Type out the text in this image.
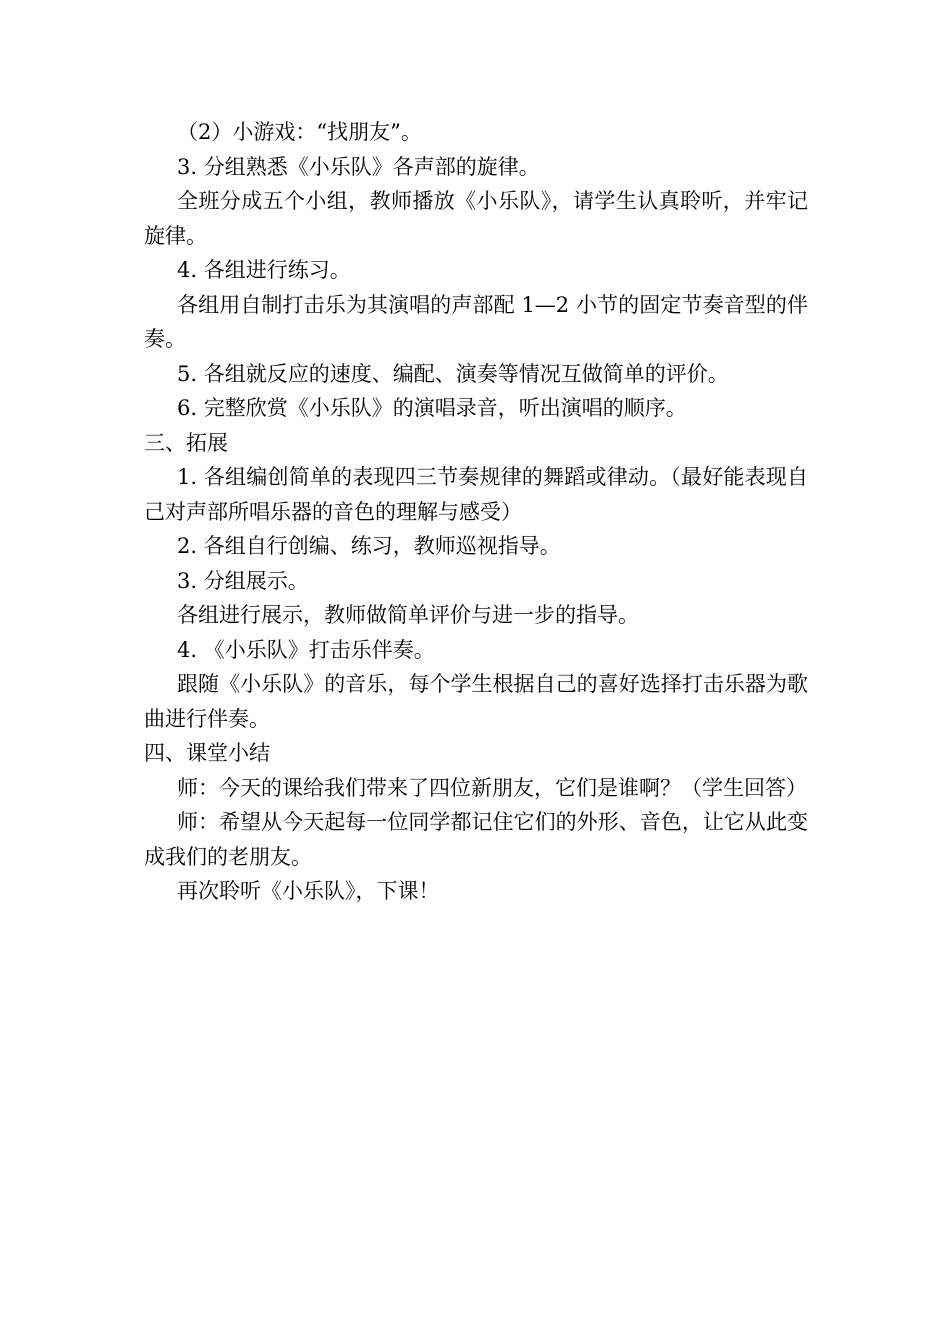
（2）小游戏：“找朋友”。

3. 分组熟悉《小乐队》各声部的旋律。

全班分成五个小组，教师播放《小乐队》，请学生认真聆听，并牢记旋律。

4. 各组进行练习。

各组用自制打击乐为其演唱的声部配 1—2 小节的固定节奏音型的伴奏。

5. 各组就反应的速度、编配、演奏等情况互做简单的评价。

6. 完整欣赏《小乐队》的演唱录音，听出演唱的顺序。

三、拓展

1. 各组编创简单的表现四三节奏规律的舞蹈或律动。（最好能表现自己对声部所唱乐器的音色的理解与感受）

2. 各组自行创编、练习，教师巡视指导。

3. 分组展示。

各组进行展示，教师做简单评价与进一步的指导。

4. 《小乐队》打击乐伴奏。

跟随《小乐队》的音乐，每个学生根据自己的喜好选择打击乐器为歌曲进行伴奏。

四、课堂小结

师：今天的课给我们带来了四位新朋友，它们是谁啊？（学生回答）

师：希望从今天起每一位同学都记住它们的外形、音色，让它从此变成我们的老朋友。

再次聆听《小乐队》，下课！
